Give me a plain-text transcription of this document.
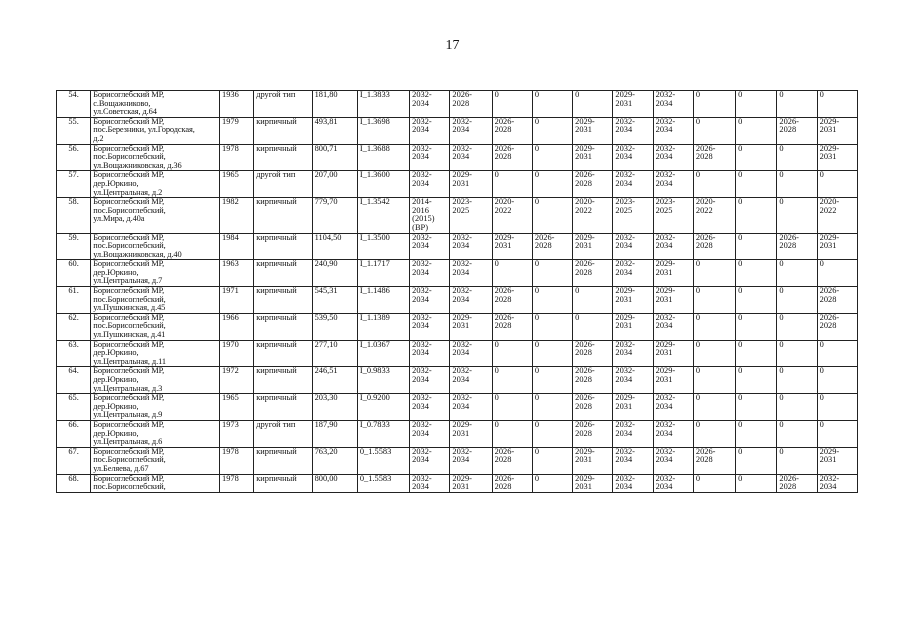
17
54.	Борисоглебский МР,
с.Вощажниково,
ул.Советская, д.64	1936	другой тип	181,80	I_1.3833	2032-
2034	2026-
2028	0	0	0	2029-
2031	2032-
2034	0	0	0	0
55.	Борисоглебский МР,
пос.Березники, ул.Городская,
д.2	1979	кирпичный	493,81	I_1.3698	2032-
2034	2032-
2034	2026-
2028	0	2029-
2031	2032-
2034	2032-
2034	0	0	2026-
2028	2029-
2031
56.	Борисоглебский МР,
пос.Борисоглебский,
ул.Вощажниковская, д.36	1978	кирпичный	800,71	I_1.3688	2032-
2034	2032-
2034	2026-
2028	0	2029-
2031	2032-
2034	2032-
2034	2026-
2028	0	0	2029-
2031
57.	Борисоглебский МР,
дер.Юркино,
ул.Центральная, д.2	1965	другой тип	207,00	I_1.3600	2032-
2034	2029-
2031	0	0	2026-
2028	2032-
2034	2032-
2034	0	0	0	0
58.	Борисоглебский МР,
пос.Борисоглебский,
ул.Мира, д.40а	1982	кирпичный	779,70	I_1.3542	2014-
2016
(2015)
(ВР)	2023-
2025	2020-
2022	0	2020-
2022	2023-
2025	2023-
2025	2020-
2022	0	0	2020-
2022
59.	Борисоглебский МР,
пос.Борисоглебский,
ул.Вощажниковская, д.40	1984	кирпичный	1104,50	I_1.3500	2032-
2034	2032-
2034	2029-
2031	2026-
2028	2029-
2031	2032-
2034	2032-
2034	2026-
2028	0	2026-
2028	2029-
2031
60.	Борисоглебский МР,
дер.Юркино,
ул.Центральная, д.7	1963	кирпичный	240,90	I_1.1717	2032-
2034	2032-
2034	0	0	2026-
2028	2032-
2034	2029-
2031	0	0	0	0
61.	Борисоглебский МР,
пос.Борисоглебский,
ул.Пушкинская, д.45	1971	кирпичный	545,31	I_1.1486	2032-
2034	2032-
2034	2026-
2028	0	0	2029-
2031	2029-
2031	0	0	0	2026-
2028
62.	Борисоглебский МР,
пос.Борисоглебский,
ул.Пушкинская, д.41	1966	кирпичный	539,50	I_1.1389	2032-
2034	2029-
2031	2026-
2028	0	0	2029-
2031	2032-
2034	0	0	0	2026-
2028
63.	Борисоглебский МР,
дер.Юркино,
ул.Центральная, д.11	1970	кирпичный	277,10	I_1.0367	2032-
2034	2032-
2034	0	0	2026-
2028	2032-
2034	2029-
2031	0	0	0	0
64.	Борисоглебский МР,
дер.Юркино,
ул.Центральная, д.3	1972	кирпичный	246,51	I_0.9833	2032-
2034	2032-
2034	0	0	2026-
2028	2032-
2034	2029-
2031	0	0	0	0
65.	Борисоглебский МР,
дер.Юркино,
ул.Центральная, д.9	1965	кирпичный	203,30	I_0.9200	2032-
2034	2032-
2034	0	0	2026-
2028	2029-
2031	2032-
2034	0	0	0	0
66.	Борисоглебский МР,
дер.Юркино,
ул.Центральная, д.6	1973	другой тип	187,90	I_0.7833	2032-
2034	2029-
2031	0	0	2026-
2028	2032-
2034	2032-
2034	0	0	0	0
67.	Борисоглебский МР,
пос.Борисоглебский,
ул.Беляева, д.67	1978	кирпичный	763,20	0_1.5583	2032-
2034	2032-
2034	2026-
2028	0	2029-
2031	2032-
2034	2032-
2034	2026-
2028	0	0	2029-
2031
68.	Борисоглебский МР,
пос.Борисоглебский,	1978	кирпичный	800,00	0_1.5583	2032-
2034	2029-
2031	2026-
2028	0	2029-
2031	2032-
2034	2032-
2034	0	0	2026-
2028	2032-
2034
